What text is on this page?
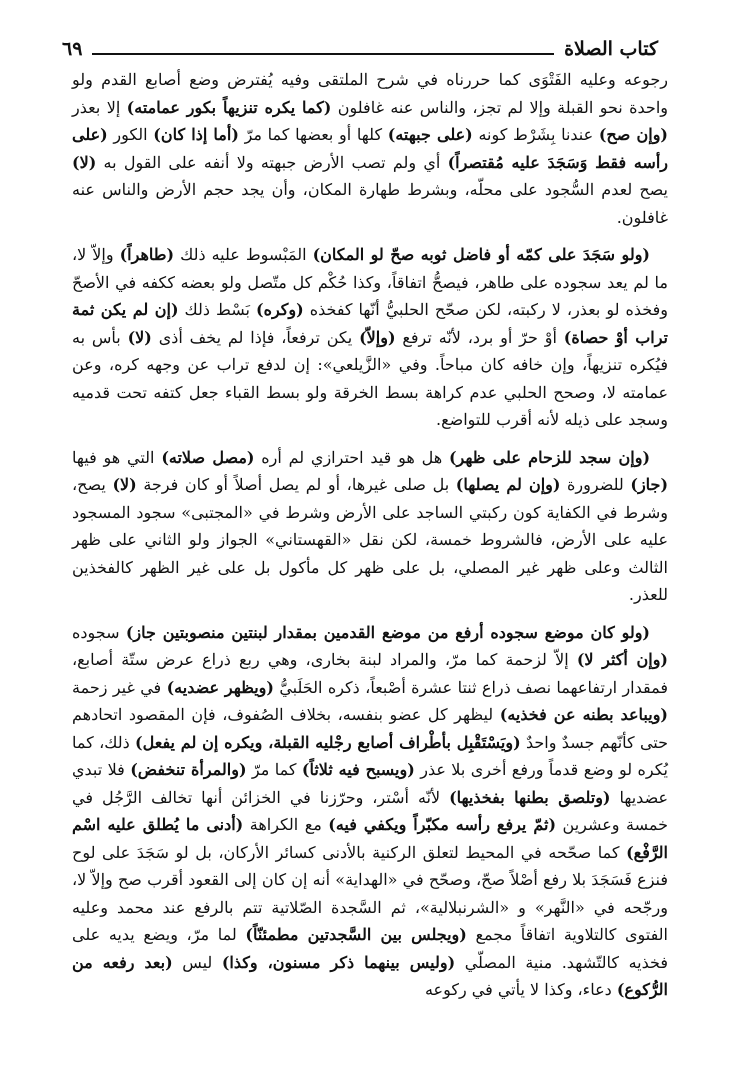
كتاب الصلاة
٦٩

رجوعه وعليه الفَتْوَى كما حررناه في شرح الملتقى وفيه يُفترض وضع أصابع القدم ولو واحدة نحو القبلة وإلا لم تجز، والناس عنه غافلون (كما يكره تنزيهاً بكور عمامته) إلا بعذر (وإن صح) عندنا بِشَرْط كونه (على جبهته) كلها أو بعضها كما مرّ (أما إذا كان) الكور (على رأسه فقط وَسَجَدَ عليه مُقتصراً) أي ولم تصب الأرض جبهته ولا أنفه على القول به (لا) يصح لعدم السُّجود على محلّه، وبشرط طهارة المكان، وأن يجد حجم الأرض والناس عنه غافلون.

(ولو سَجَدَ على كمّه أو فاضل ثوبه صحّ لو المكان) المَبْسوط عليه ذلك (طاهراً) وإلاّ لا، ما لم يعد سجوده على طاهر، فيصحُّ اتفاقاً، وكذا حُكْم كل متّصل ولو بعضه ككفه في الأصحّ وفخذه لو بعذر، لا ركبته، لكن صحّح الحلبيُّ أنّها كفخذه (وكره) بَسْط ذلك (إن لم يكن ثمة تراب أوْ حصاة) أوْ حرّ أو برد، لأنّه ترفع (وإلاّ) يكن ترفعاً، فإذا لم يخف أذى (لا) بأس به فيُكره تنزيهاً، وإن خافه كان مباحاً. وفي «الزَّيلعي»: إن لدفع تراب عن وجهه كره، وعن عمامته لا، وصحح الحلبي عدم كراهة بسط الخرقة ولو بسط القباء جعل كتفه تحت قدميه وسجد على ذيله لأنه أقرب للتواضع.

(وإن سجد للزحام على ظهر) هل هو قيد احترازي لم أره (مصل صلاته) التي هو فيها (جاز) للضرورة (وإن لم يصلها) بل صلى غيرها، أو لم يصل أصلاً أو كان فرجة (لا) يصح، وشرط في الكفاية كون ركبتي الساجد على الأرض وشرط في «المجتبى» سجود المسجود عليه على الأرض، فالشروط خمسة، لكن نقل «القهستاني» الجواز ولو الثاني على ظهر الثالث وعلى ظهر غير المصلي، بل على ظهر كل مأكول بل على غير الظهر كالفخذين للعذر.

(ولو كان موضع سجوده أرفع من موضع القدمين بمقدار لبنتين منصوبتين جاز) سجوده (وإن أكثر لا) إلاّ لزحمة كما مرّ، والمراد لبنة بخارى، وهي ربع ذراع عرض ستّة أصابع، فمقدار ارتفاعهما نصف ذراع ثنتا عشرة أصْبعاً، ذكره الحَلَبيُّ (ويظهر عضديه) في غير زحمة (ويباعد بطنه عن فخذيه) ليظهر كل عضو بنفسه، بخلاف الصُفوف، فإن المقصود اتحادهم حتى كأنّهم جسدٌ واحدٌ (ويَسْتَقْبِل بأطْراف أصابع رجْليه القبلة، ويكره إن لم يفعل) ذلك، كما يُكره لو وضع قدماً ورفع أخرى بلا عذر (ويسبح فيه ثلاثاً) كما مرّ (والمرأة تنخفض) فلا تبدي عضديها (وتلصق بطنها بفخذيها) لأنّه أسْتر، وحرّزنا في الخزائن أنها تخالف الرَّجُل في خمسة وعشرين (ثمّ يرفع رأسه مكبّراً ويكفي فيه) مع الكراهة (أدنى ما يُطلق عليه اسْم الرَّفْع) كما صحّحه في المحيط لتعلق الركنية بالأدنى كسائر الأركان، بل لو سَجَدَ على لوح فنزع فَسَجَدَ بلا رفع أصْلاً صحّ، وصحّح في «الهداية» أنه إن كان إلى القعود أقرب صح وإلاّ لا، ورجّحه في «النَّهر» و «الشرنبلالية»، ثم السَّجدة الصّلاتية تتم بالرفع عند محمد وعليه الفتوى كالتلاوية اتفاقاً مجمع (ويجلس بين السَّجدتين مطمئنّاً) لما مرّ، ويضع يديه على فخذيه كالتّشهد. منية المصلّي (وليس بينهما ذكر مسنون، وكذا) ليس (بعد رفعه من الرُّكوع) دعاء، وكذا لا يأتي في ركوعه
